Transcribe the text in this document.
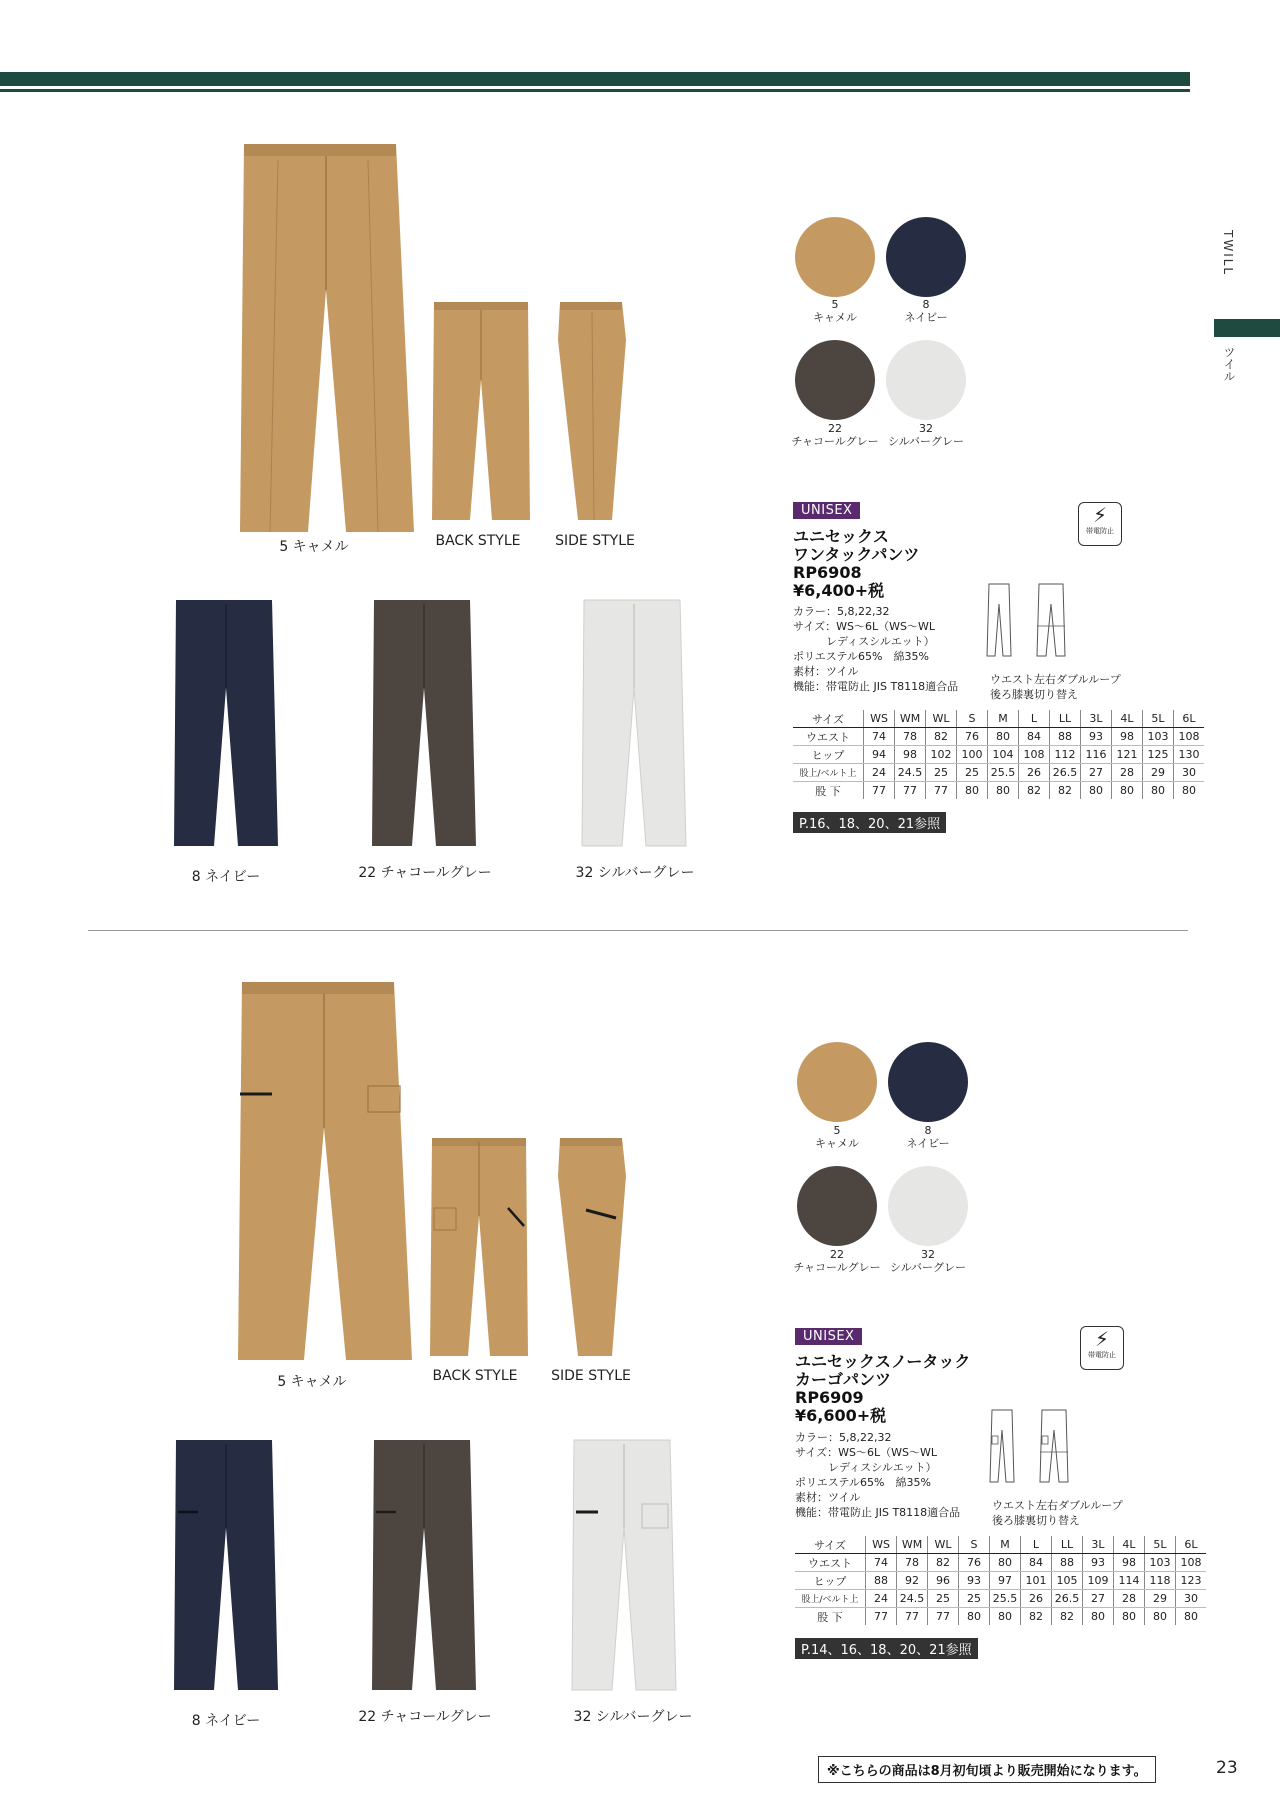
TWILL
ツイル
5 キャメル	BACK STYLE	SIDE STYLE
8 ネイビー	22 チャコールグレー	32 シルバーグレー
5
キャメル
8
ネイビー
22
チャコールグレー
32
シルバーグレー
UNISEX	⚡
帯電防止
ユニセックス
ワンタックパンツ
RP6908
¥6,400+税
カラー：5,8,22,32
サイズ：WS～6L（WS～WL
　　　レディスシルエット）
ポリエステル65%　綿35%
素材：ツイル
機能：帯電防止 JIS T8118適合品
ウエスト左右ダブルループ
後ろ膝裏切り替え
サイズ	WS	WM	WL	S	M	L	LL	3L	4L	5L	6L
ウエスト	74	78	82	76	80	84	88	93	98	103	108
ヒップ	94	98	102	100	104	108	112	116	121	125	130
股上/ベルト上	24	24.5	25	25	25.5	26	26.5	27	28	29	30
股 下	77	77	77	80	80	82	82	80	80	80	80
P.16、18、20、21参照
5 キャメル	BACK STYLE	SIDE STYLE
8 ネイビー	22 チャコールグレー	32 シルバーグレー
5
キャメル
8
ネイビー
22
チャコールグレー
32
シルバーグレー
UNISEX	⚡
帯電防止
ユニセックスノータック
カーゴパンツ
RP6909
¥6,600+税
カラー：5,8,22,32
サイズ：WS～6L（WS～WL
　　　レディスシルエット）
ポリエステル65%　綿35%
素材：ツイル
機能：帯電防止 JIS T8118適合品
ウエスト左右ダブルループ
後ろ膝裏切り替え
サイズ	WS	WM	WL	S	M	L	LL	3L	4L	5L	6L
ウエスト	74	78	82	76	80	84	88	93	98	103	108
ヒップ	88	92	96	93	97	101	105	109	114	118	123
股上/ベルト上	24	24.5	25	25	25.5	26	26.5	27	28	29	30
股 下	77	77	77	80	80	82	82	80	80	80	80
P.14、16、18、20、21参照
※こちらの商品は8月初旬頃より販売開始になります。	23
